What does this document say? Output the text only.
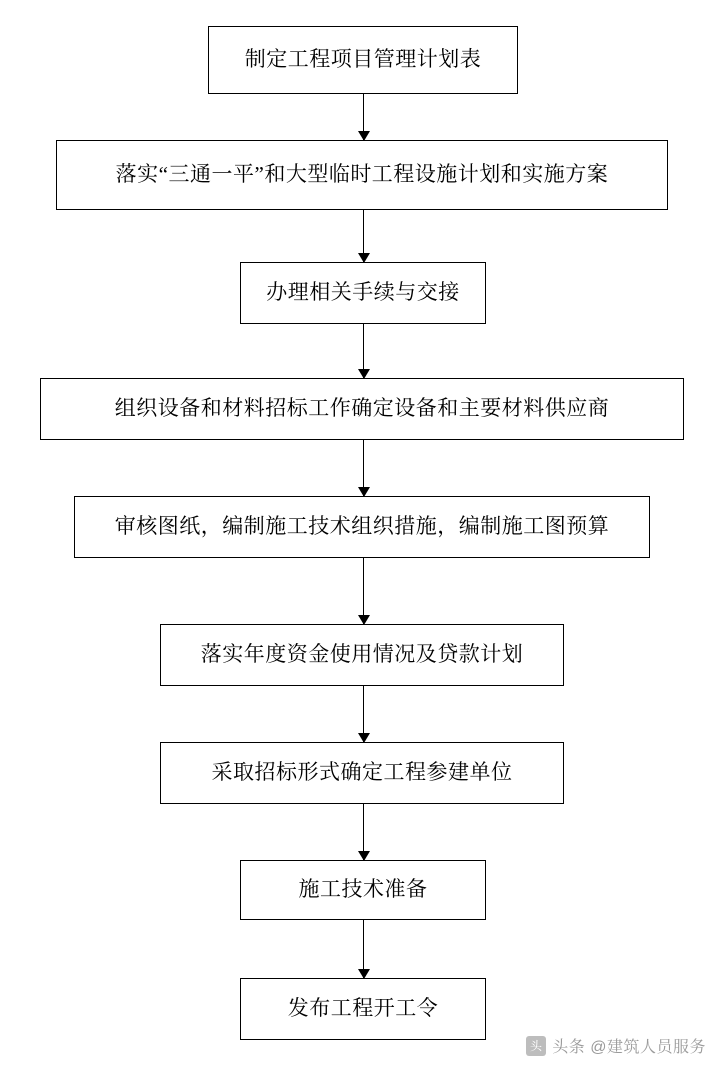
制定工程项目管理计划表
落实“三通一平”和大型临时工程设施计划和实施方案
办理相关手续与交接
组织设备和材料招标工作确定设备和主要材料供应商
审核图纸，编制施工技术组织措施，编制施工图预算
落实年度资金使用情况及贷款计划
采取招标形式确定工程参建单位
施工技术准备
发布工程开工令
头 头条 @建筑人员服务
